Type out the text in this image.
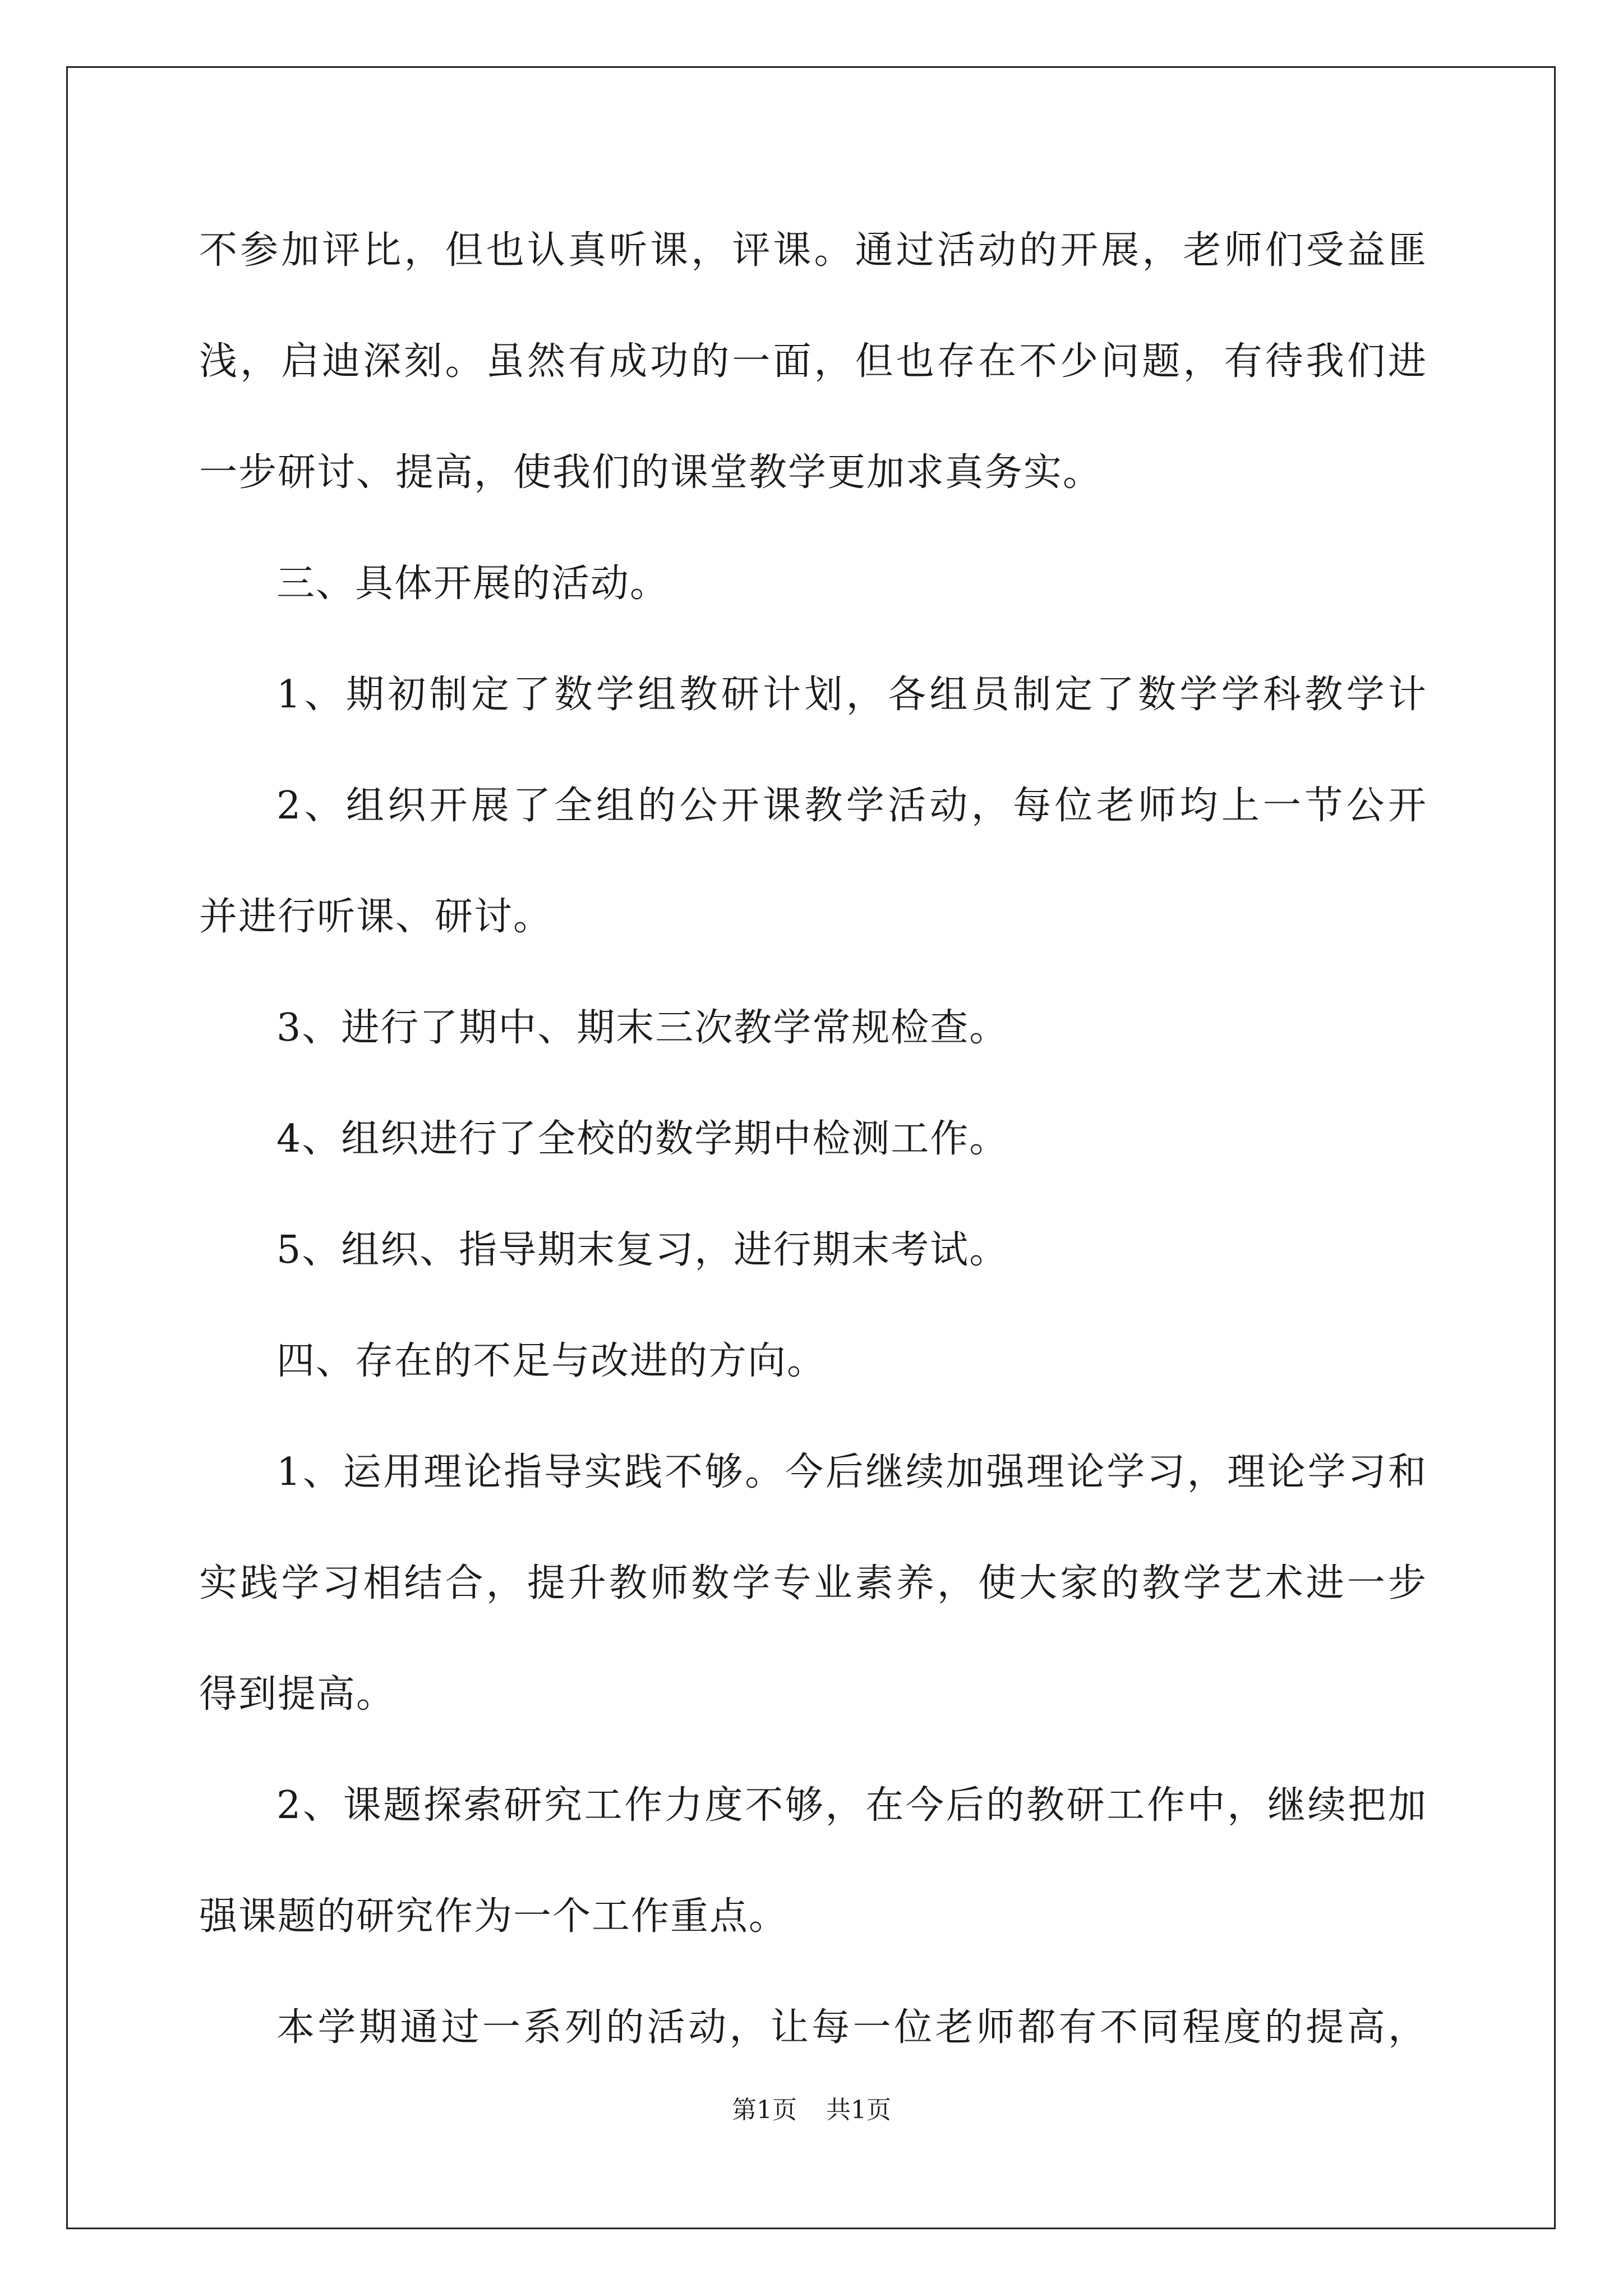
不参加评比，但也认真听课，评课。通过活动的开展，老师们受益匪
浅，启迪深刻。虽然有成功的一面，但也存在不少问题，有待我们进
一步研讨、提高，使我们的课堂教学更加求真务实。
三、具体开展的活动。
1、期初制定了数学组教研计划，各组员制定了数学学科教学计
2、组织开展了全组的公开课教学活动，每位老师均上一节公开
并进行听课、研讨。
3、进行了期中、期末三次教学常规检查。
4、组织进行了全校的数学期中检测工作。
5、组织、指导期末复习，进行期末考试。
四、存在的不足与改进的方向。
1、运用理论指导实践不够。今后继续加强理论学习，理论学习和
实践学习相结合，提升教师数学专业素养，使大家的教学艺术进一步
得到提高。
2、课题探索研究工作力度不够，在今后的教研工作中，继续把加
强课题的研究作为一个工作重点。
本学期通过一系列的活动，让每一位老师都有不同程度的提高，
第1页 共1页
